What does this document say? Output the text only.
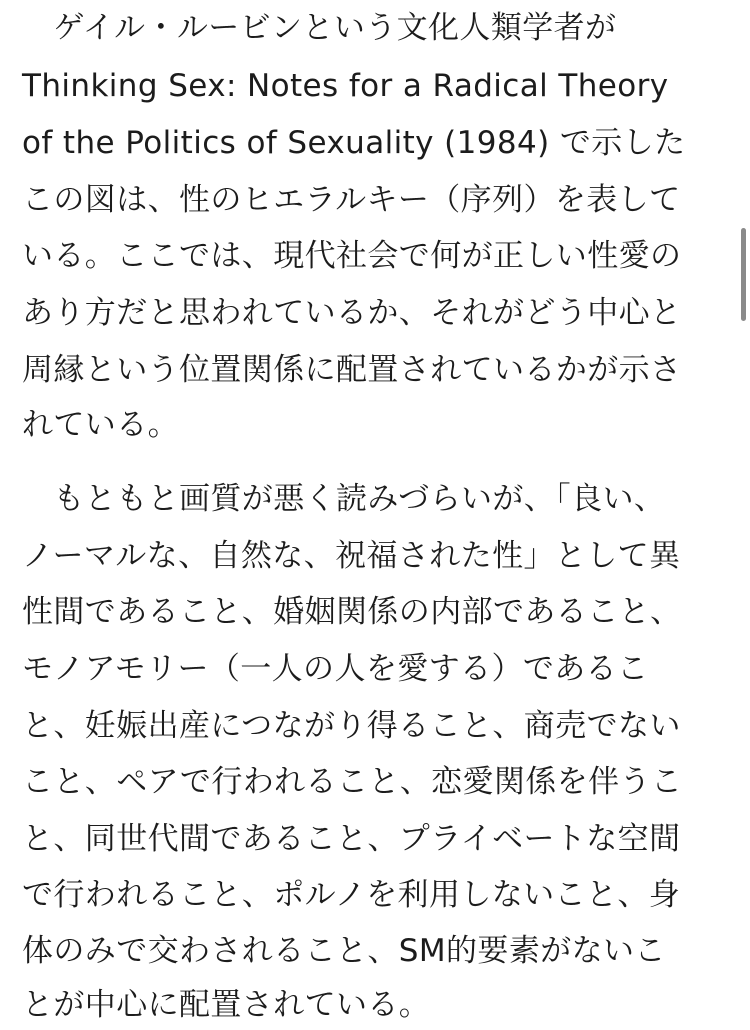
　ゲイル・ルービンという文化人類学者が
Thinking Sex: Notes for a Radical Theory
of the Politics of Sexuality (1984) で示した
この図は、性のヒエラルキー（序列）を表して
いる。ここでは、現代社会で何が正しい性愛の
あり方だと思われているか、それがどう中心と
周縁という位置関係に配置されているかが示さ
れている。
　もともと画質が悪く読みづらいが、「良い、
ノーマルな、自然な、祝福された性」として異
性間であること、婚姻関係の内部であること、
モノアモリー（一人の人を愛する）であるこ
と、妊娠出産につながり得ること、商売でない
こと、ペアで行われること、恋愛関係を伴うこ
と、同世代間であること、プライベートな空間
で行われること、ポルノを利用しないこと、身
体のみで交わされること、SM的要素がないこ
とが中心に配置されている。
